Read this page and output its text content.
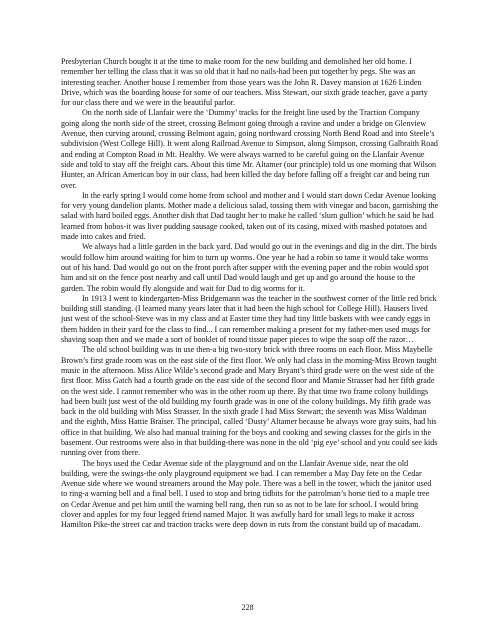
Presbyterian Church bought it at the time to make room for the new building and demolished her old home. I remember her telling the class that it was so old that it had no nails-had been put together by pegs. She was an interesting teacher. Another house I remember from those years was the John R. Davey mansion at 1626 Linden Drive, which was the boarding house for some of our teachers. Miss Stewart, our sixth grade teacher, gave a party for our class there and we were in the beautiful parlor.

On the north side of Llanfair were the ‘Dummy’ tracks for the freight line used by the Traction Company going along the north side of the street, crossing Belmont going through a ravine and under a bridge on Glenview Avenue, then curving around, crossing Belmont again, going northward crossing North Bend Road and into Steele’s subdivision (West College Hill). It went along Railroad Avenue to Simpson, along Simpson, crossing Galbraith Road and ending at Compton Road in Mt. Healthy. We were always warned to be careful going on the Llanfair Avenue side and told to stay off the freight cars. About this time Mr. Altamer (our principle) told us one morning that Wilson Hunter, an African American boy in our class, had been killed the day before falling off a freight car and being run over.

In the early spring I would come home from school and mother and I would start down Cedar Avenue looking for very young dandelion plants. Mother made a delicious salad, tossing them with vinegar and bacon, garnishing the salad with hard boiled eggs. Another dish that Dad taught her to make he called ‘slum gullion’ which he said he had learned from hobos-it was liver pudding sausage cooked, taken out of its casing, mixed with mashed potatoes and made into cakes and fried.

We always had a little garden in the back yard. Dad would go out in the evenings and dig in the dirt. The birds would follow him around waiting for him to turn up worms. One year he had a robin so tame it would take worms out of his hand. Dad would go out on the front porch after supper with the evening paper and the robin would spot him and sit on the fence post nearby and call until Dad would laugh and get up and go around the house to the garden. The robin would fly alongside and wait for Dad to dig worms for it.

In 1913 I went to kindergarten-Miss Bridgemann was the teacher in the southwest corner of the little red brick building still standing. (I learned many years later that it had been the high school for College Hill). Hausers lived just west of the school-Steve was in my class and at Easter time they had tiny little baskets with wee candy eggs in them hidden in their yard for the class to find... I can remember making a present for my father-men used mugs for shaving soap then and we made a sort of booklet of round tissue paper pieces to wipe the soap off the razor…

The old school building was in use then-a big two-story brick with three rooms on each floor. Miss Maybelle Brown’s first grade room was on the east side of the first floor. We only had class in the morning-Miss Brown taught music in the afternoon. Miss Alice Wilde’s second grade and Mary Bryant’s third grade were on the west side of the first floor. Miss Gatch had a fourth grade on the east side of the second floor and Mamie Strasser had her fifth grade on the west side. I cannot remember who was in the other room up there. By that time two frame colony buildings had been built just west of the old building my fourth grade was in one of the colony buildings. My fifth grade was back in the old building with Miss Strasser. In the sixth grade I had Miss Stewart; the seventh was Miss Waldman and the eighth, Miss Hattie Braiser. The principal, called ‘Dusty’ Altamer because he always wore gray suits, had his office in that building. We also had manual training for the boys and cooking and sewing classes for the girls in the basement. Our restrooms were also in that building-there was none in the old ‘pig eye’ school and you could see kids running over from there.

The boys used the Cedar Avenue side of the playground and on the Llanfair Avenue side, near the old building, were the swings-the only playground equipment we had. I can remember a May Day fete on the Cedar Avenue side where we wound streamers around the May pole. There was a bell in the tower, which the janitor used to ring-a warning bell and a final bell. I used to stop and bring tidbits for the patrolman’s horse tied to a maple tree on Cedar Avenue and pet him until the warning bell rang, then run so as not to be late for school. I would bring clover and apples for my four legged friend named Major. It was awfully hard for small legs to make it across Hamilton Pike-the street car and traction tracks were deep down in ruts from the constant build up of macadam.

228
